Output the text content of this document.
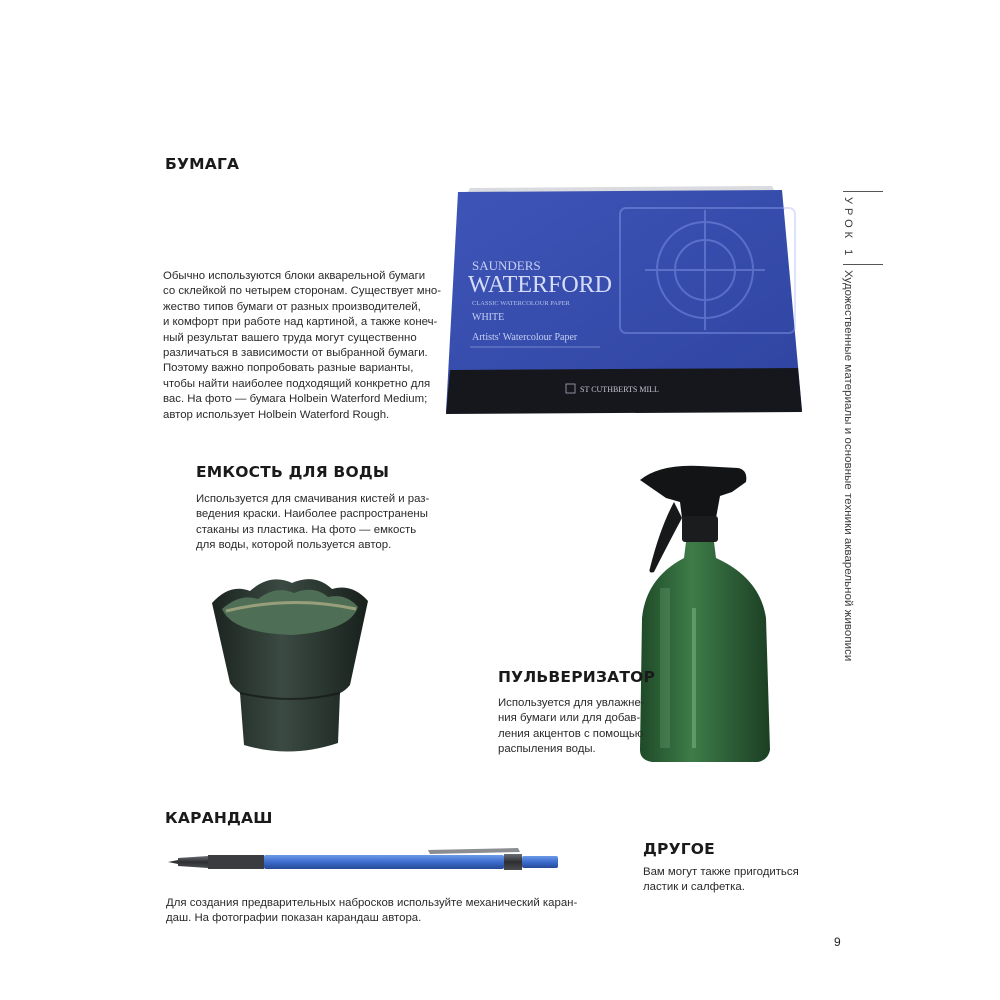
УРОК 1
Художественные материалы и основные техники акварельной живописи
БУМАГА

Обычно используются блоки акварельной бумаги
со склейкой по четырем сторонам. Существует мно-
жество типов бумаги от разных производителей,
и комфорт при работе над картиной, а также конеч-
ный результат вашего труда могут существенно
различаться в зависимости от выбранной бумаги.
Поэтому важно попробовать разные варианты,
чтобы найти наиболее подходящий конкретно для
вас. На фото — бумага Holbein Waterford Medium;
автор использует Holbein Waterford Rough.

SAUNDERS
WATERFORD
CLASSIC WATERCOLOUR PAPER
WHITE
Artists' Watercolour Paper
ST CUTHBERTS MILL
ЕМКОСТЬ ДЛЯ ВОДЫ

Используется для смачивания кистей и раз-
ведения краски. Наиболее распространены
стаканы из пластика. На фото — емкость
для воды, которой пользуется автор.

ПУЛЬВЕРИЗАТОР

Используется для увлажне-
ния бумаги или для добав-
ления акцентов с помощью
распыления воды.

КАРАНДАШ

Для создания предварительных набросков используйте механический каран-
даш. На фотографии показан карандаш автора.

ДРУГОЕ

Вам могут также пригодиться
ластик и салфетка.

9
